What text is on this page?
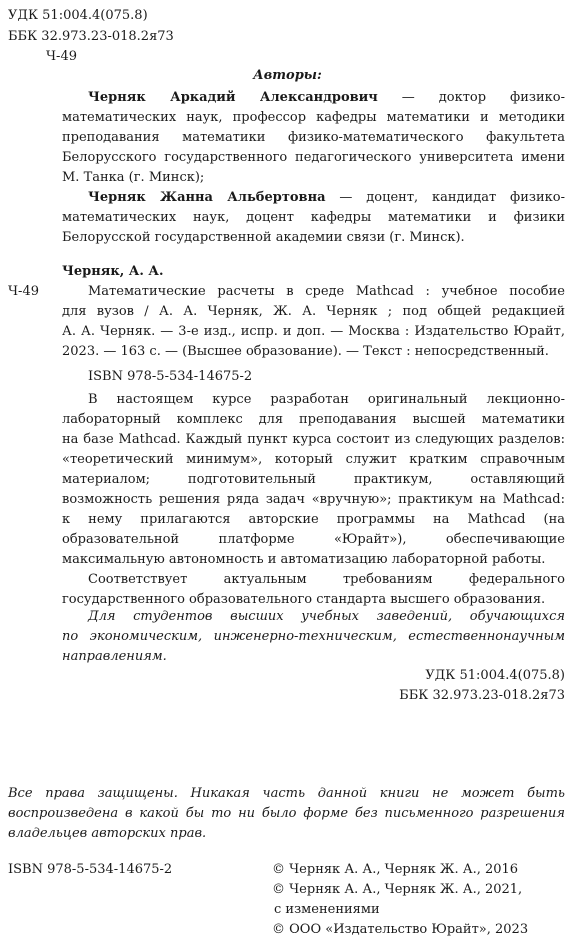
УДК 51:004.4(075.8)
ББК 32.973.23-018.2я73
Ч-49
Авторы:
Черняк Аркадий Александрович — доктор физико-
математических наук, профессор кафедры математики и методики
преподавания математики физико-математического факультета
Белорусского государственного педагогического университета имени
М. Танка (г. Минск);
Черняк Жанна Альбертовна — доцент, кандидат физико-
математических наук, доцент кафедры математики и физики
Белорусской государственной академии связи (г. Минск).
Черняк, А. А.
Ч-49	Математические расчеты в среде Mathcad : учебное пособие
для вузов / А. А. Черняк, Ж. А. Черняк ; под общей редакцией
А. А. Черняк. — 3-е изд., испр. и доп. — Москва : Издательство Юрайт,
2023. — 163 с. — (Высшее образование). — Текст : непосредственный.
ISBN 978-5-534-14675-2
В настоящем курсе разработан оригинальный лекционно-
лабораторный комплекс для преподавания высшей математики
на базе Mathcad. Каждый пункт курса состоит из следующих разделов:
«теоретический минимум», который служит кратким справочным
материалом; подготовительный практикум, оставляющий
возможность решения ряда задач «вручную»; практикум на Mathcad:
к нему прилагаются авторские программы на Mathcad (на
образовательной платформе «Юрайт»), обеспечивающие
максимальную автономность и автоматизацию лабораторной работы.
Соответствует актуальным требованиям федерального
государственного образовательного стандарта высшего образования.
Для студентов высших учебных заведений, обучающихся
по экономическим, инженерно-техническим, естественнонаучным
направлениям.
УДК 51:004.4(075.8)
ББК 32.973.23-018.2я73
Все права защищены. Никакая часть данной книги не может быть
воспроизведена в какой бы то ни было форме без письменного разрешения
владельцев авторских прав.
ISBN 978-5-534-14675-2	© Черняк А. А., Черняк Ж. А., 2016
© Черняк А. А., Черняк Ж. А., 2021,
с изменениями
© ООО «Издательство Юрайт», 2023
